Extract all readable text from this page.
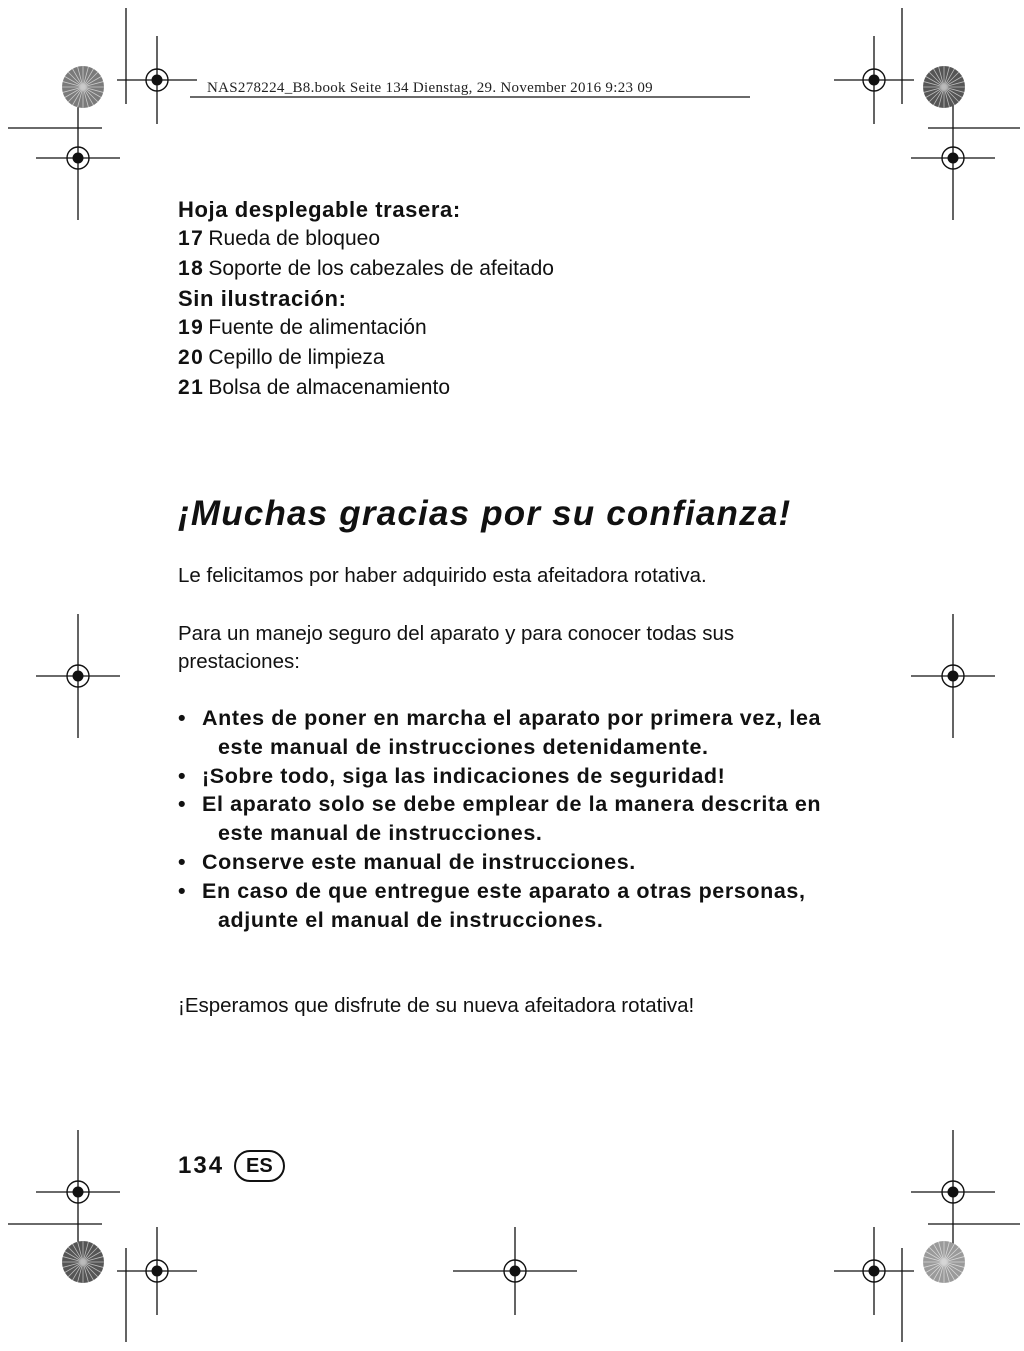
NAS278224_B8.book Seite 134 Dienstag, 29. November 2016 9:23 09
Hoja desplegable trasera:
17 Rueda de bloqueo
18 Soporte de los cabezales de afeitado
Sin ilustración:
19 Fuente de alimentación
20 Cepillo de limpieza
21 Bolsa de almacenamiento
¡Muchas gracias por su confianza!
Le felicitamos por haber adquirido esta afeitadora rotativa.
Para un manejo seguro del aparato y para conocer todas sus prestaciones:
• Antes de poner en marcha el aparato por primera vez, lea este manual de instrucciones detenidamente.
• ¡Sobre todo, siga las indicaciones de seguridad!
• El aparato solo se debe emplear de la manera descrita en este manual de instrucciones.
• Conserve este manual de instrucciones.
• En caso de que entregue este aparato a otras personas, adjunte el manual de instrucciones.
¡Esperamos que disfrute de su nueva afeitadora rotativa!
134	ES
